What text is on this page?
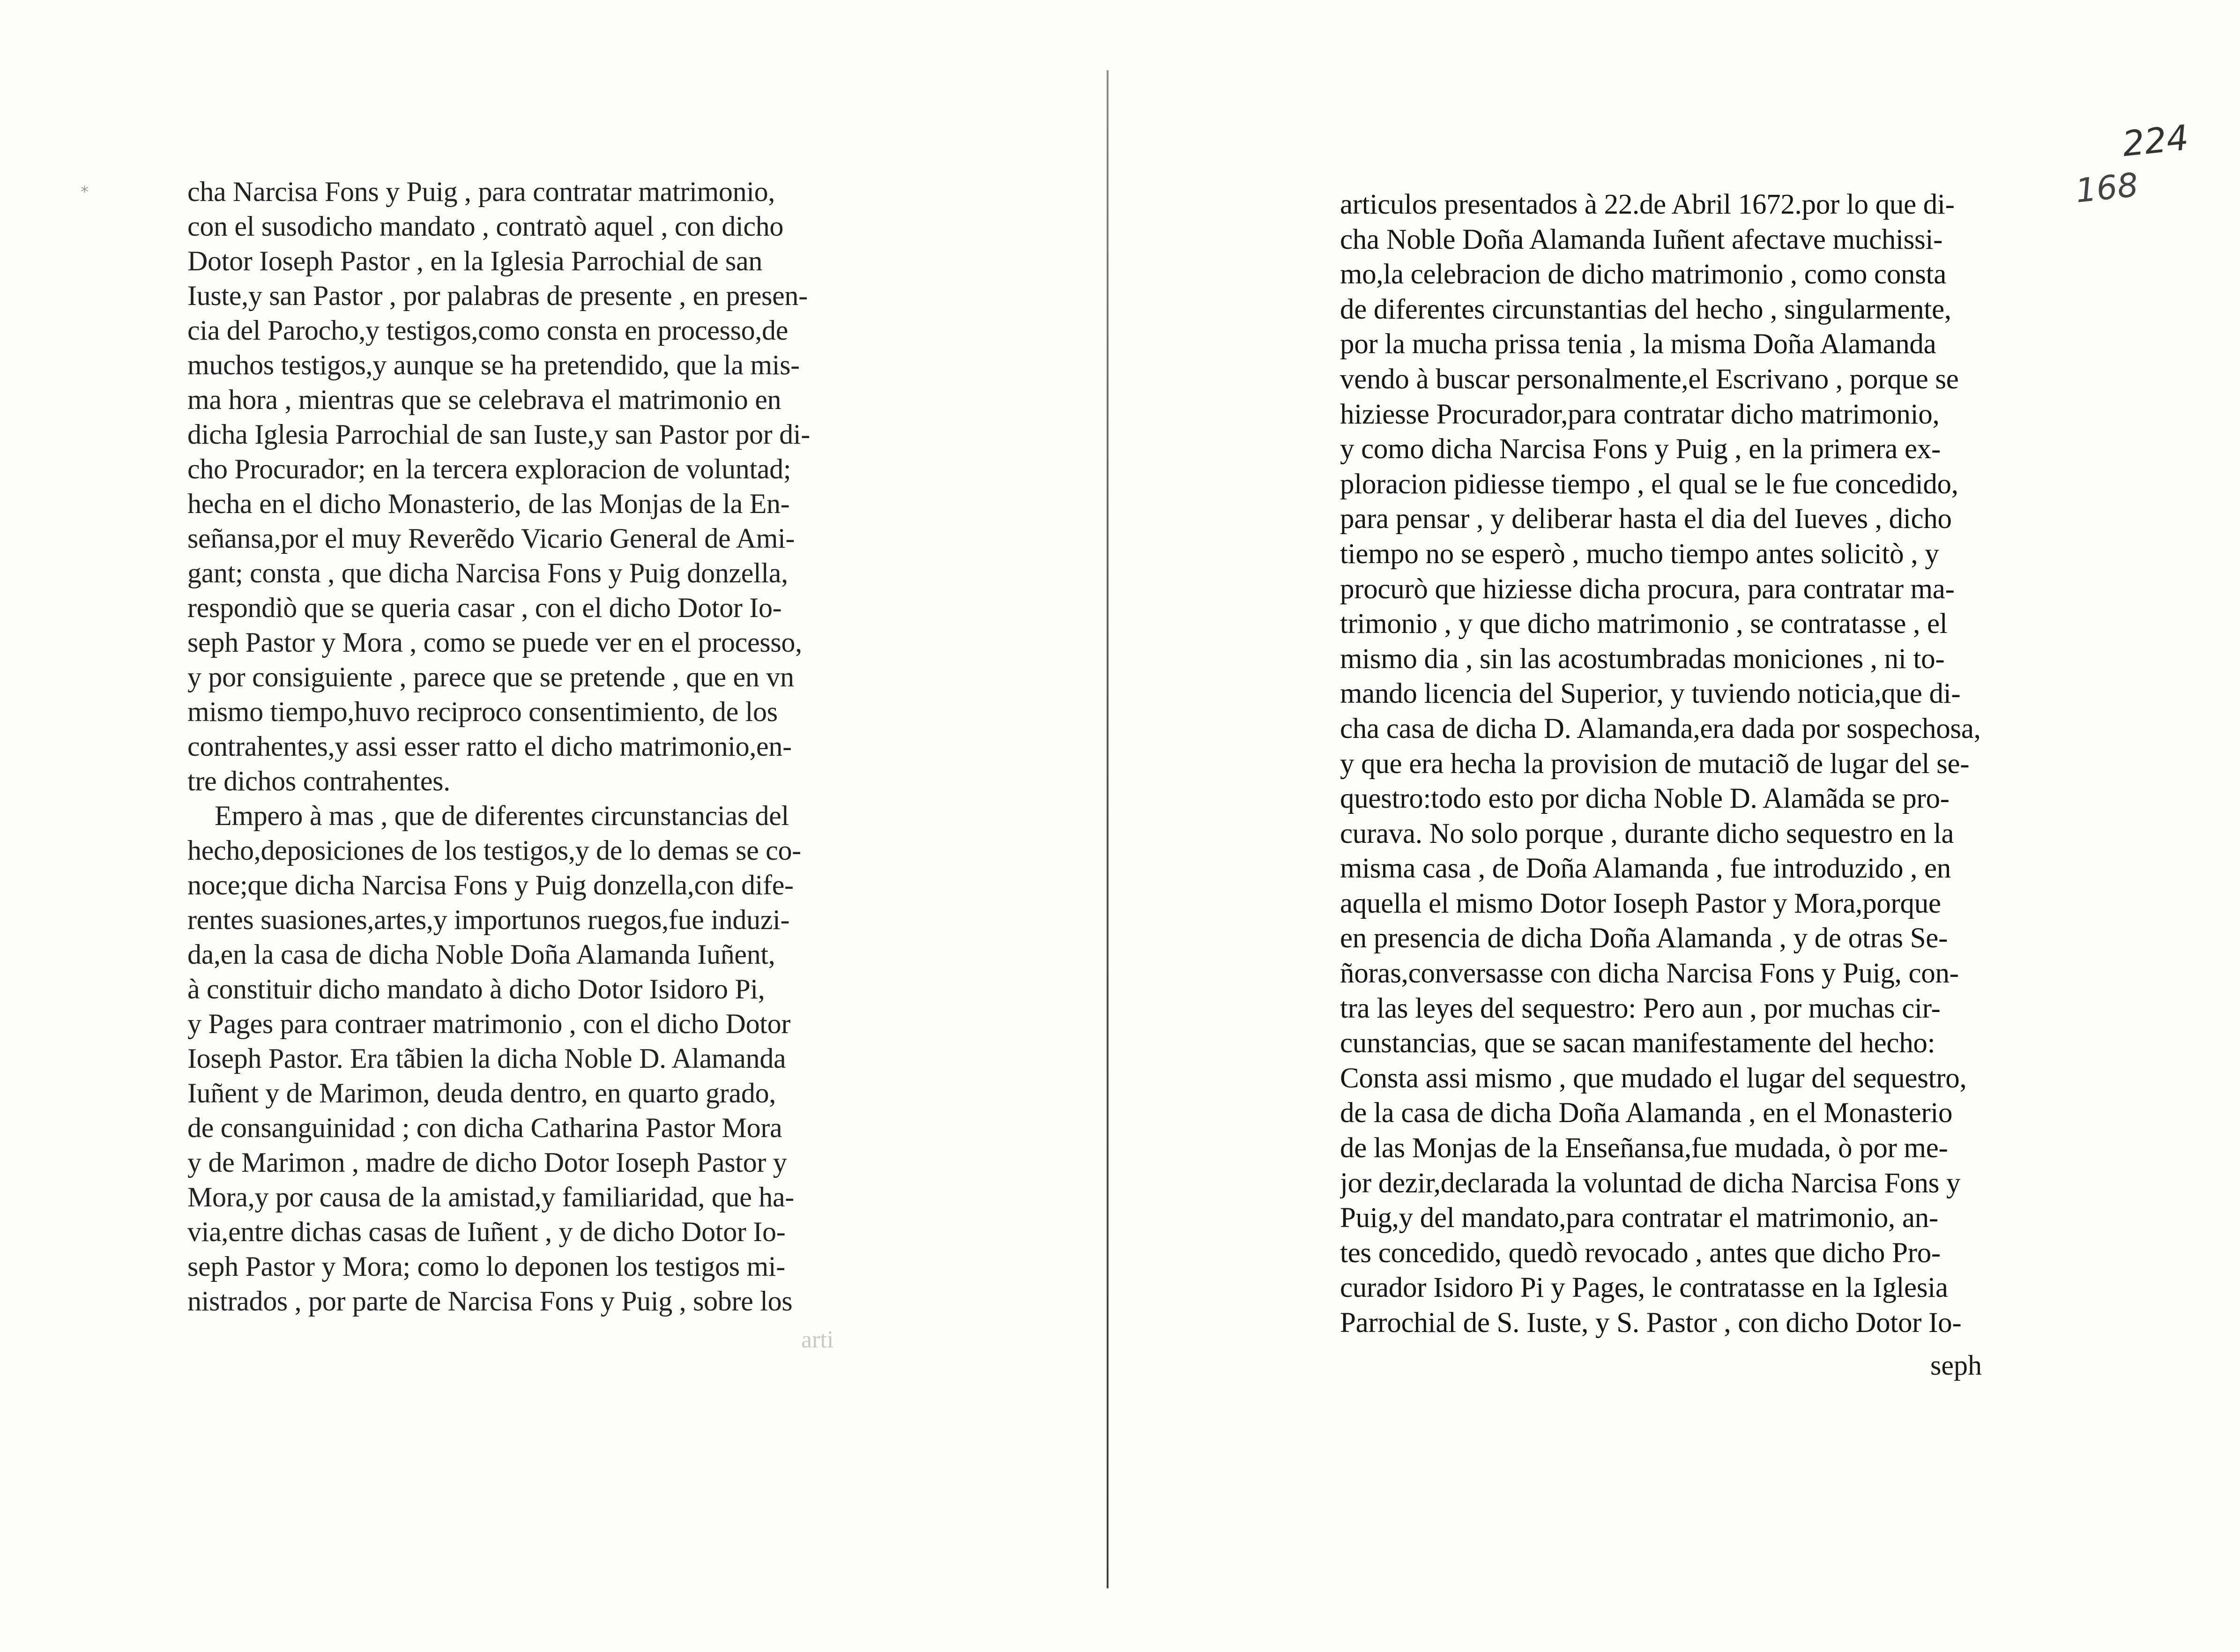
*
224
168
cha Narcisa Fons y Puig , para contratar matrimonio,
con el susodicho mandato , contratò aquel , con dicho
Dotor Ioseph Pastor , en la Iglesia Parrochial de san
Iuste,y san Pastor , por palabras de presente , en presen-
cia del Parocho,y testigos,como consta en processo,de
muchos testigos,y aunque se ha pretendido, que la mis-
ma hora , mientras que se celebrava el matrimonio en
dicha Iglesia Parrochial de san Iuste,y san Pastor por di-
cho Procurador; en la tercera exploracion de voluntad;
hecha en el dicho Monasterio, de las Monjas de la En-
señansa,por el muy Reverẽdo Vicario General de Ami-
gant; consta , que dicha Narcisa Fons y Puig donzella,
respondiò que se queria casar , con el dicho Dotor Io-
seph Pastor y Mora , como se puede ver en el processo,
y por consiguiente , parece que se pretende , que en vn
mismo tiempo,huvo reciproco consentimiento, de los
contrahentes,y assi esser ratto el dicho matrimonio,en-
tre dichos contrahentes.
Empero à mas , que de diferentes circunstancias del
hecho,deposiciones de los testigos,y de lo demas se co-
noce;que dicha Narcisa Fons y Puig donzella,con dife-
rentes suasiones,artes,y importunos ruegos,fue induzi-
da,en la casa de dicha Noble Doña Alamanda Iuñent,
à constituir dicho mandato à dicho Dotor Isidoro Pi,
y Pages para contraer matrimonio , con el dicho Dotor
Ioseph Pastor. Era tãbien la dicha Noble D. Alamanda
Iuñent y de Marimon, deuda dentro, en quarto grado,
de consanguinidad ; con dicha Catharina Pastor Mora
y de Marimon , madre de dicho Dotor Ioseph Pastor y
Mora,y por causa de la amistad,y familiaridad, que ha-
via,entre dichas casas de Iuñent , y de dicho Dotor Io-
seph Pastor y Mora; como lo deponen los testigos mi-
nistrados , por parte de Narcisa Fons y Puig , sobre los
arti
articulos presentados à 22.de Abril 1672.por lo que di-
cha Noble Doña Alamanda Iuñent afectave muchissi-
mo,la celebracion de dicho matrimonio , como consta
de diferentes circunstantias del hecho , singularmente,
por la mucha prissa tenia , la misma Doña Alamanda
vendo à buscar personalmente,el Escrivano , porque se
hiziesse Procurador,para contratar dicho matrimonio,
y como dicha Narcisa Fons y Puig , en la primera ex-
ploracion pidiesse tiempo , el qual se le fue concedido,
para pensar , y deliberar hasta el dia del Iueves , dicho
tiempo no se esperò , mucho tiempo antes solicitò , y
procurò que hiziesse dicha procura, para contratar ma-
trimonio , y que dicho matrimonio , se contratasse , el
mismo dia , sin las acostumbradas moniciones , ni to-
mando licencia del Superior, y tuviendo noticia,que di-
cha casa de dicha D. Alamanda,era dada por sospechosa,
y que era hecha la provision de mutaciõ de lugar del se-
questro:todo esto por dicha Noble D. Alamãda se pro-
curava. No solo porque , durante dicho sequestro en la
misma casa , de Doña Alamanda , fue introduzido , en
aquella el mismo Dotor Ioseph Pastor y Mora,porque
en presencia de dicha Doña Alamanda , y de otras Se-
ñoras,conversasse con dicha Narcisa Fons y Puig, con-
tra las leyes del sequestro: Pero aun , por muchas cir-
cunstancias, que se sacan manifestamente del hecho:
Consta assi mismo , que mudado el lugar del sequestro,
de la casa de dicha Doña Alamanda , en el Monasterio
de las Monjas de la Enseñansa,fue mudada, ò por me-
jor dezir,declarada la voluntad de dicha Narcisa Fons y
Puig,y del mandato,para contratar el matrimonio, an-
tes concedido, quedò revocado , antes que dicho Pro-
curador Isidoro Pi y Pages, le contratasse en la Iglesia
Parrochial de S. Iuste, y S. Pastor , con dicho Dotor Io-
seph
